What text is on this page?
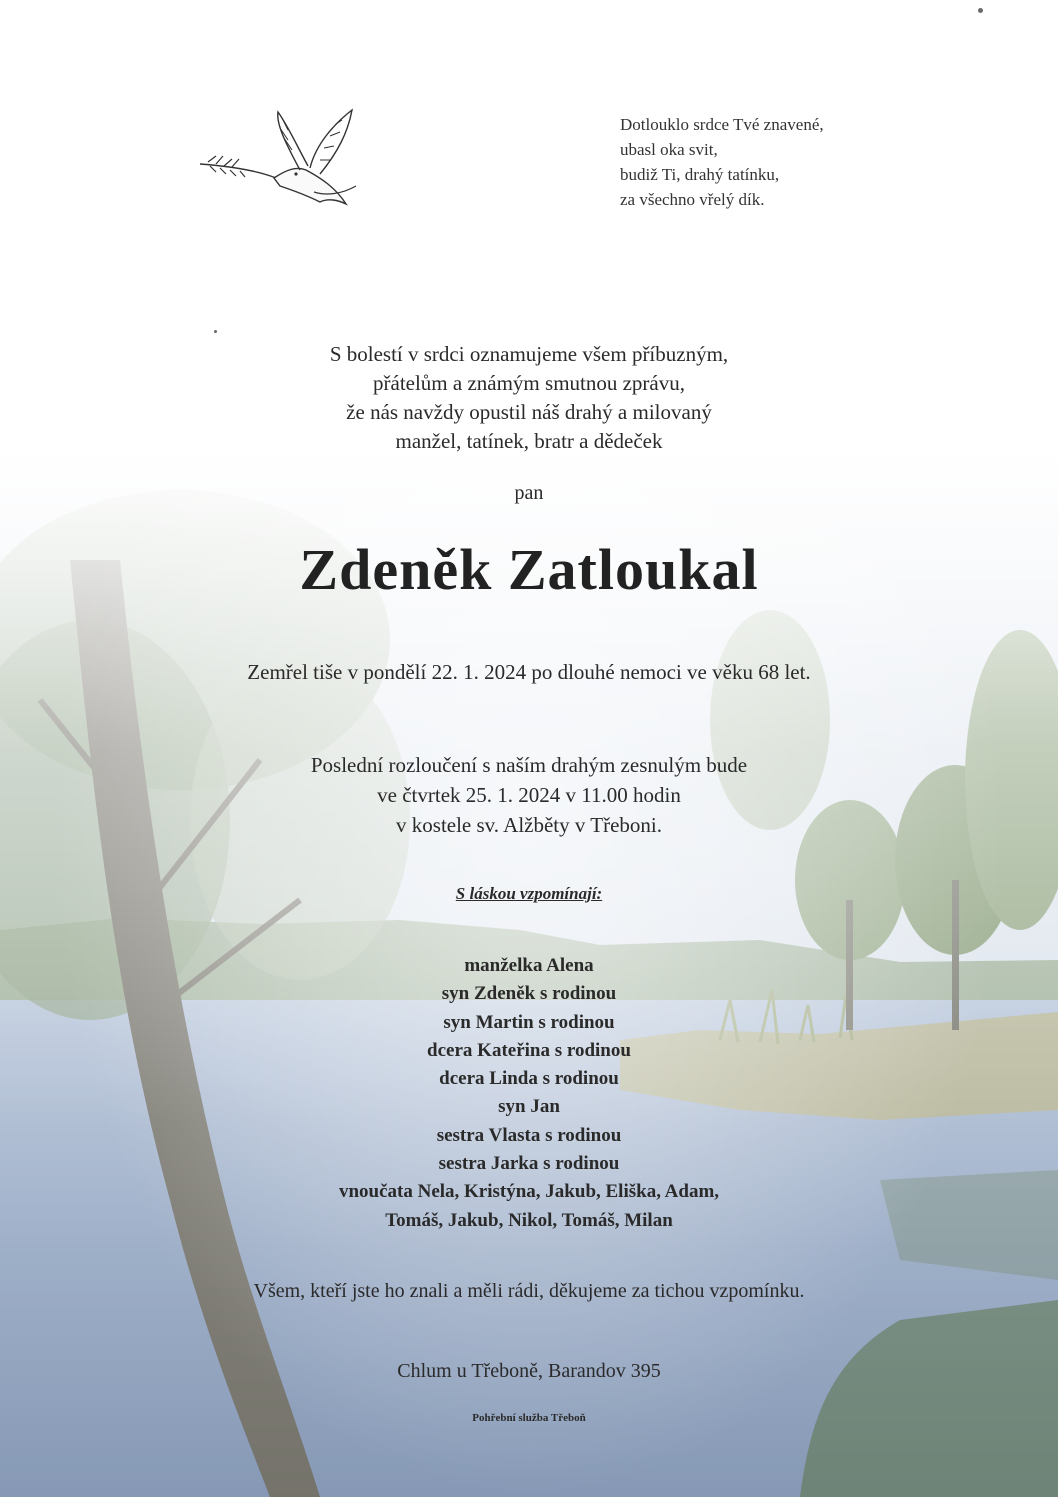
Dotlouklo srdce Tvé znavené,
ubasl oka svit,
budiž Ti, drahý tatínku,
za všechno vřelý dík.
S bolestí v srdci oznamujeme všem příbuzným,
přátelům a známým smutnou zprávu,
že nás navždy opustil náš drahý a milovaný
manžel, tatínek, bratr a dědeček
pan
Zdeněk Zatloukal
Zemřel tiše v pondělí 22. 1. 2024 po dlouhé nemoci ve věku 68 let.
Poslední rozloučení s naším drahým zesnulým bude
ve čtvrtek 25. 1. 2024 v 11.00 hodin
v kostele sv. Alžběty v Třeboni.
S láskou vzpomínají:
manželka Alena
syn Zdeněk s rodinou
syn Martin s rodinou
dcera Kateřina s rodinou
dcera Linda s rodinou
syn Jan
sestra Vlasta s rodinou
sestra Jarka s rodinou
vnoučata Nela, Kristýna, Jakub, Eliška, Adam,
Tomáš, Jakub, Nikol, Tomáš, Milan
Všem, kteří jste ho znali a měli rádi, děkujeme za tichou vzpomínku.
Chlum u Třeboně, Barandov 395
Pohřební služba Třeboň
